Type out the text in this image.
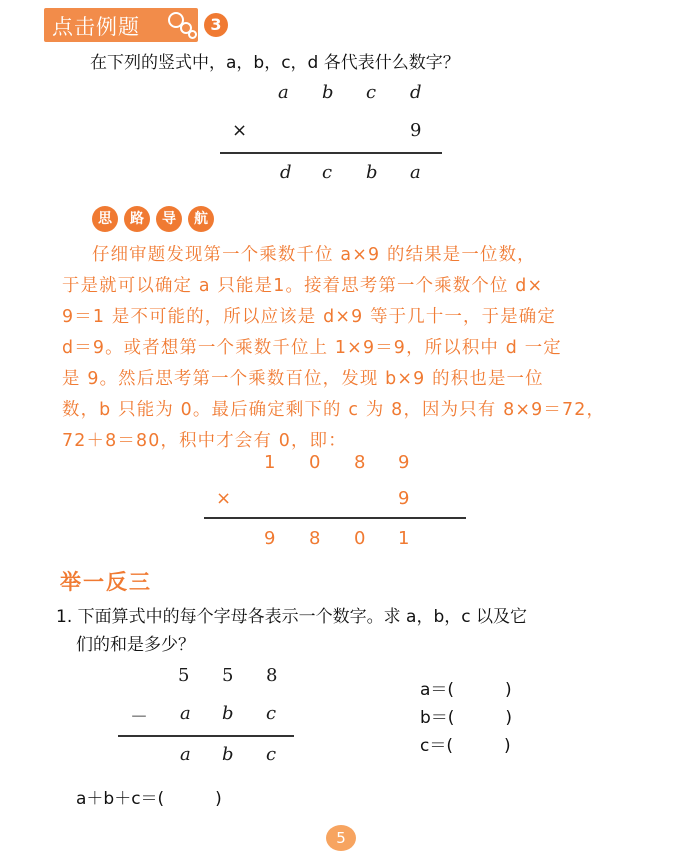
点击例题	3
在下列的竖式中，a，b，c，d 各代表什么数字？
a b c d
×	9
d c b a
思	路	导	航
仔细审题发现第一个乘数千位 a×9 的结果是一位数，
于是就可以确定 a 只能是1。接着思考第一个乘数个位 d×
9＝1 是不可能的，所以应该是 d×9 等于几十一，于是确定
d＝9。或者想第一个乘数千位上 1×9＝9，所以积中 d 一定
是 9。然后思考第一个乘数百位，发现 b×9 的积也是一位
数，b 只能为 0。最后确定剩下的 c 为 8，因为只有 8×9＝72，
72＋8＝80，积中才会有 0，即：
1 0 8 9
×	9
9 8 0 1
举一反三
1. 下面算式中的每个字母各表示一个数字。求 a，b，c 以及它
们的和是多少？
5 5 8
－ a b c
a b c
a＝(　　　)
b＝(　　　)
c＝(　　　)
a＋b＋c＝(　　　)
5
